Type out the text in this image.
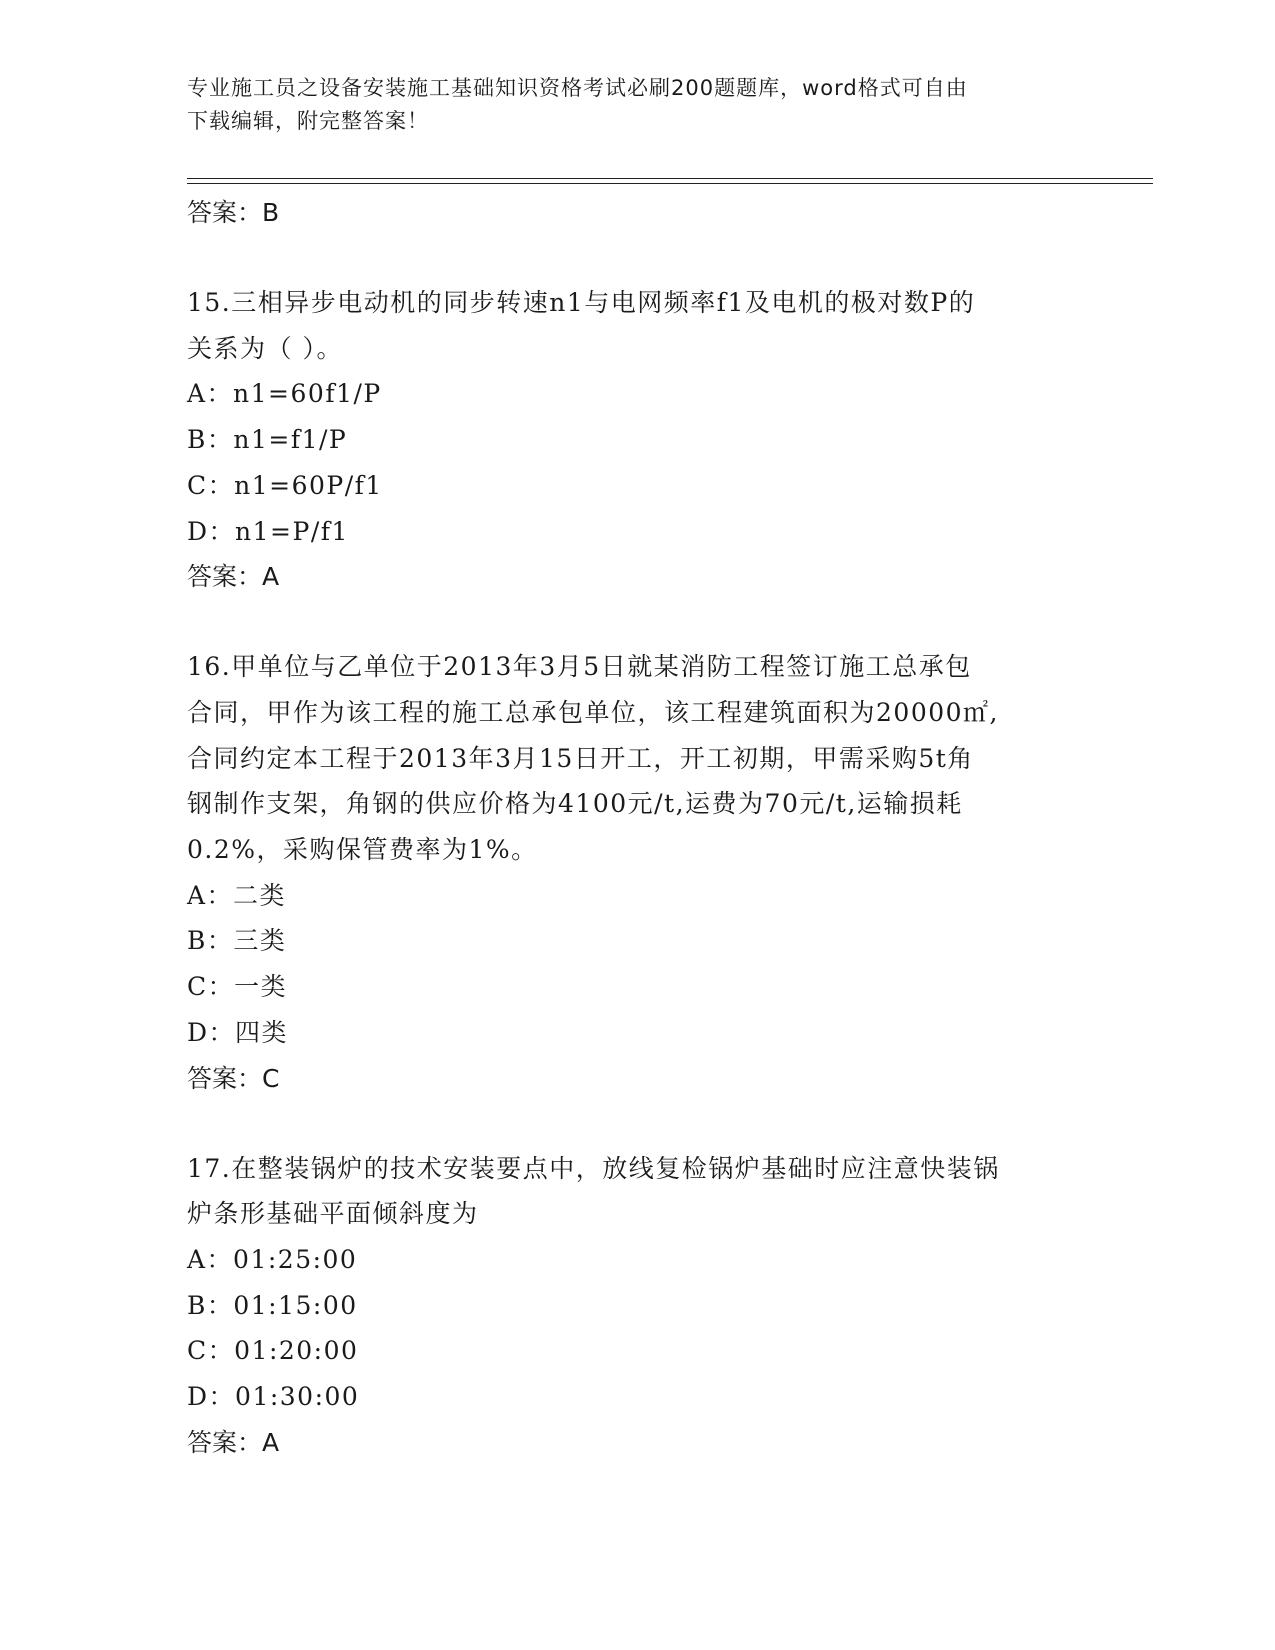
专业施工员之设备安装施工基础知识资格考试必刷200题题库，word格式可自由
下载编辑，附完整答案！
答案：B
15.三相异步电动机的同步转速n1与电网频率f1及电机的极对数P的
关系为（ ）。
A：n1=60f1/P
B：n1=f1/P
C：n1=60P/f1
D：n1=P/f1
答案：A
16.甲单位与乙单位于2013年3月5日就某消防工程签订施工总承包
合同，甲作为该工程的施工总承包单位，该工程建筑面积为20000㎡,
合同约定本工程于2013年3月15日开工，开工初期，甲需采购5t角
钢制作支架，角钢的供应价格为4100元/t,运费为70元/t,运输损耗
0.2%，采购保管费率为1%。
A：二类
B：三类
C：一类
D：四类
答案：C
17.在整装锅炉的技术安装要点中，放线复检锅炉基础时应注意快装锅
炉条形基础平面倾斜度为
A：01:25:00
B：01:15:00
C：01:20:00
D：01:30:00
答案：A
